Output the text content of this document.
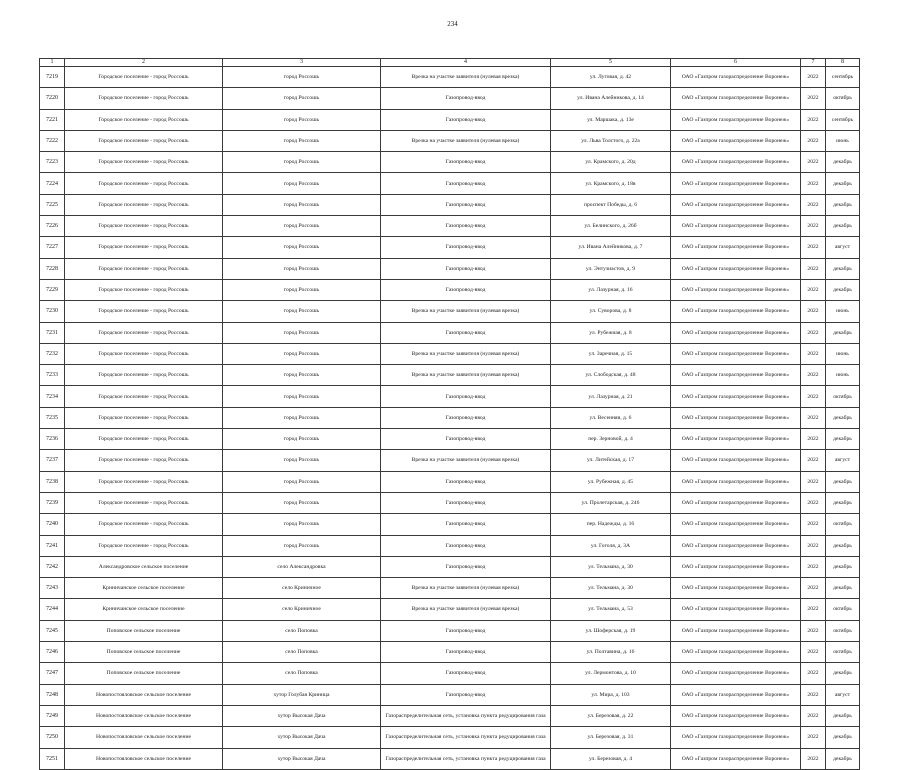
234
1	2	3	4	5	6	7	8
7219	Городское поселение - город Россошь	город Россошь	Врезка на участке заявителя (нулевая врезка)	ул. Луговая, д. 42	ОАО «Газпром газораспределение Воронеж»	2022	сентябрь
7220	Городское поселение - город Россошь	город Россошь	Газопровод-ввод	ул. Ивана Алейникова, д. 14	ОАО «Газпром газораспределение Воронеж»	2022	октябрь
7221	Городское поселение - город Россошь	город Россошь	Газопровод-ввод	ул. Маршака, д. 13е	ОАО «Газпром газораспределение Воронеж»	2022	сентябрь
7222	Городское поселение - город Россошь	город Россошь	Врезка на участке заявителя (нулевая врезка)	ул. Льва Толстого, д. 22а	ОАО «Газпром газораспределение Воронеж»	2022	июнь
7223	Городское поселение - город Россошь	город Россошь	Газопровод-ввод	ул. Крамского, д. 20д	ОАО «Газпром газораспределение Воронеж»	2022	декабрь
7224	Городское поселение - город Россошь	город Россошь	Газопровод-ввод	ул. Крамского, д. 18в	ОАО «Газпром газораспределение Воронеж»	2022	декабрь
7225	Городское поселение - город Россошь	город Россошь	Газопровод-ввод	проспект Победы, д. 6	ОАО «Газпром газораспределение Воронеж»	2022	декабрь
7226	Городское поселение - город Россошь	город Россошь	Газопровод-ввод	ул. Белинского, д. 26б	ОАО «Газпром газораспределение Воронеж»	2022	декабрь
7227	Городское поселение - город Россошь	город Россошь	Газопровод-ввод	ул. Ивана Алейникова, д. 7	ОАО «Газпром газораспределение Воронеж»	2022	август
7228	Городское поселение - город Россошь	город Россошь	Газопровод-ввод	ул. Энтузиастов, д. 9	ОАО «Газпром газораспределение Воронеж»	2022	декабрь
7229	Городское поселение - город Россошь	город Россошь	Газопровод-ввод	ул. Лазурная, д. 16	ОАО «Газпром газораспределение Воронеж»	2022	декабрь
7230	Городское поселение - город Россошь	город Россошь	Врезка на участке заявителя (нулевая врезка)	ул. Суворова, д. 8	ОАО «Газпром газораспределение Воронеж»	2022	июнь
7231	Городское поселение - город Россошь	город Россошь	Газопровод-ввод	ул. Рубежная, д. 8	ОАО «Газпром газораспределение Воронеж»	2022	декабрь
7232	Городское поселение - город Россошь	город Россошь	Врезка на участке заявителя (нулевая врезка)	ул. Заречная, д. 15	ОАО «Газпром газораспределение Воронеж»	2022	июнь
7233	Городское поселение - город Россошь	город Россошь	Врезка на участке заявителя (нулевая врезка)	ул. Слободская, д. 48	ОАО «Газпром газораспределение Воронеж»	2022	июнь
7234	Городское поселение - город Россошь	город Россошь	Газопровод-ввод	ул. Лазурная, д. 21	ОАО «Газпром газораспределение Воронеж»	2022	октябрь
7235	Городское поселение - город Россошь	город Россошь	Газопровод-ввод	ул. Весенняя, д. 6	ОАО «Газпром газораспределение Воронеж»	2022	декабрь
7236	Городское поселение - город Россошь	город Россошь	Газопровод-ввод	пер. Зерновой, д. 4	ОАО «Газпром газораспределение Воронеж»	2022	декабрь
7237	Городское поселение - город Россошь	город Россошь	Врезка на участке заявителя (нулевая врезка)	ул. Литейская, д. 17	ОАО «Газпром газораспределение Воронеж»	2022	август
7238	Городское поселение - город Россошь	город Россошь	Газопровод-ввод	ул. Рубежная, д. 45	ОАО «Газпром газораспределение Воронеж»	2022	декабрь
7239	Городское поселение - город Россошь	город Россошь	Газопровод-ввод	ул. Пролетарская, д. 246	ОАО «Газпром газораспределение Воронеж»	2022	декабрь
7240	Городское поселение - город Россошь	город Россошь	Газопровод-ввод	пер. Надежды, д. 16	ОАО «Газпром газораспределение Воронеж»	2022	октябрь
7241	Городское поселение - город Россошь	город Россошь	Газопровод-ввод	ул. Гоголя, д. 3А	ОАО «Газпром газораспределение Воронеж»	2022	декабрь
7242	Александровское сельское поселение	село Александровка	Газопровод-ввод	ул. Тельмана, д. 30	ОАО «Газпром газораспределение Воронеж»	2022	декабрь
7243	Криничанское сельское поселение	село Криничное	Врезка на участке заявителя (нулевая врезка)	ул. Тельмана, д. 30	ОАО «Газпром газораспределение Воронеж»	2022	декабрь
7244	Криничанское сельское поселение	село Криничное	Врезка на участке заявителя (нулевая врезка)	ул. Тельмана, д. 53	ОАО «Газпром газораспределение Воронеж»	2022	октябрь
7245	Поповское сельское поселение	село Поповка	Газопровод-ввод	ул. Шоферская, д. 19	ОАО «Газпром газораспределение Воронеж»	2022	октябрь
7246	Поповское сельское поселение	село Поповка	Газопровод-ввод	ул. Полтавина, д. 16	ОАО «Газпром газораспределение Воронеж»	2022	октябрь
7247	Поповское сельское поселение	село Поповка	Газопровод-ввод	ул. Лермонтова, д. 10	ОАО «Газпром газораспределение Воронеж»	2022	декабрь
7248	Новопостояловское сельское поселение	хутор Голубая Криница	Газопровод-ввод	ул. Мира, д. 103	ОАО «Газпром газораспределение Воронеж»	2022	август
7249	Новопостояловское сельское поселение	хутор Высокая Дача	Газораспределительная сеть, установка пункта редуцирования газа	ул. Березовая, д. 22	ОАО «Газпром газораспределение Воронеж»	2022	декабрь
7250	Новопостояловское сельское поселение	хутор Высокая Дача	Газораспределительная сеть, установка пункта редуцирования газа	ул. Березовая, д. 31	ОАО «Газпром газораспределение Воронеж»	2022	декабрь
7251	Новопостояловское сельское поселение	хутор Высокая Дача	Газораспределительная сеть, установка пункта редуцирования газа	ул. Березовая, д. 4	ОАО «Газпром газораспределение Воронеж»	2022	декабрь
